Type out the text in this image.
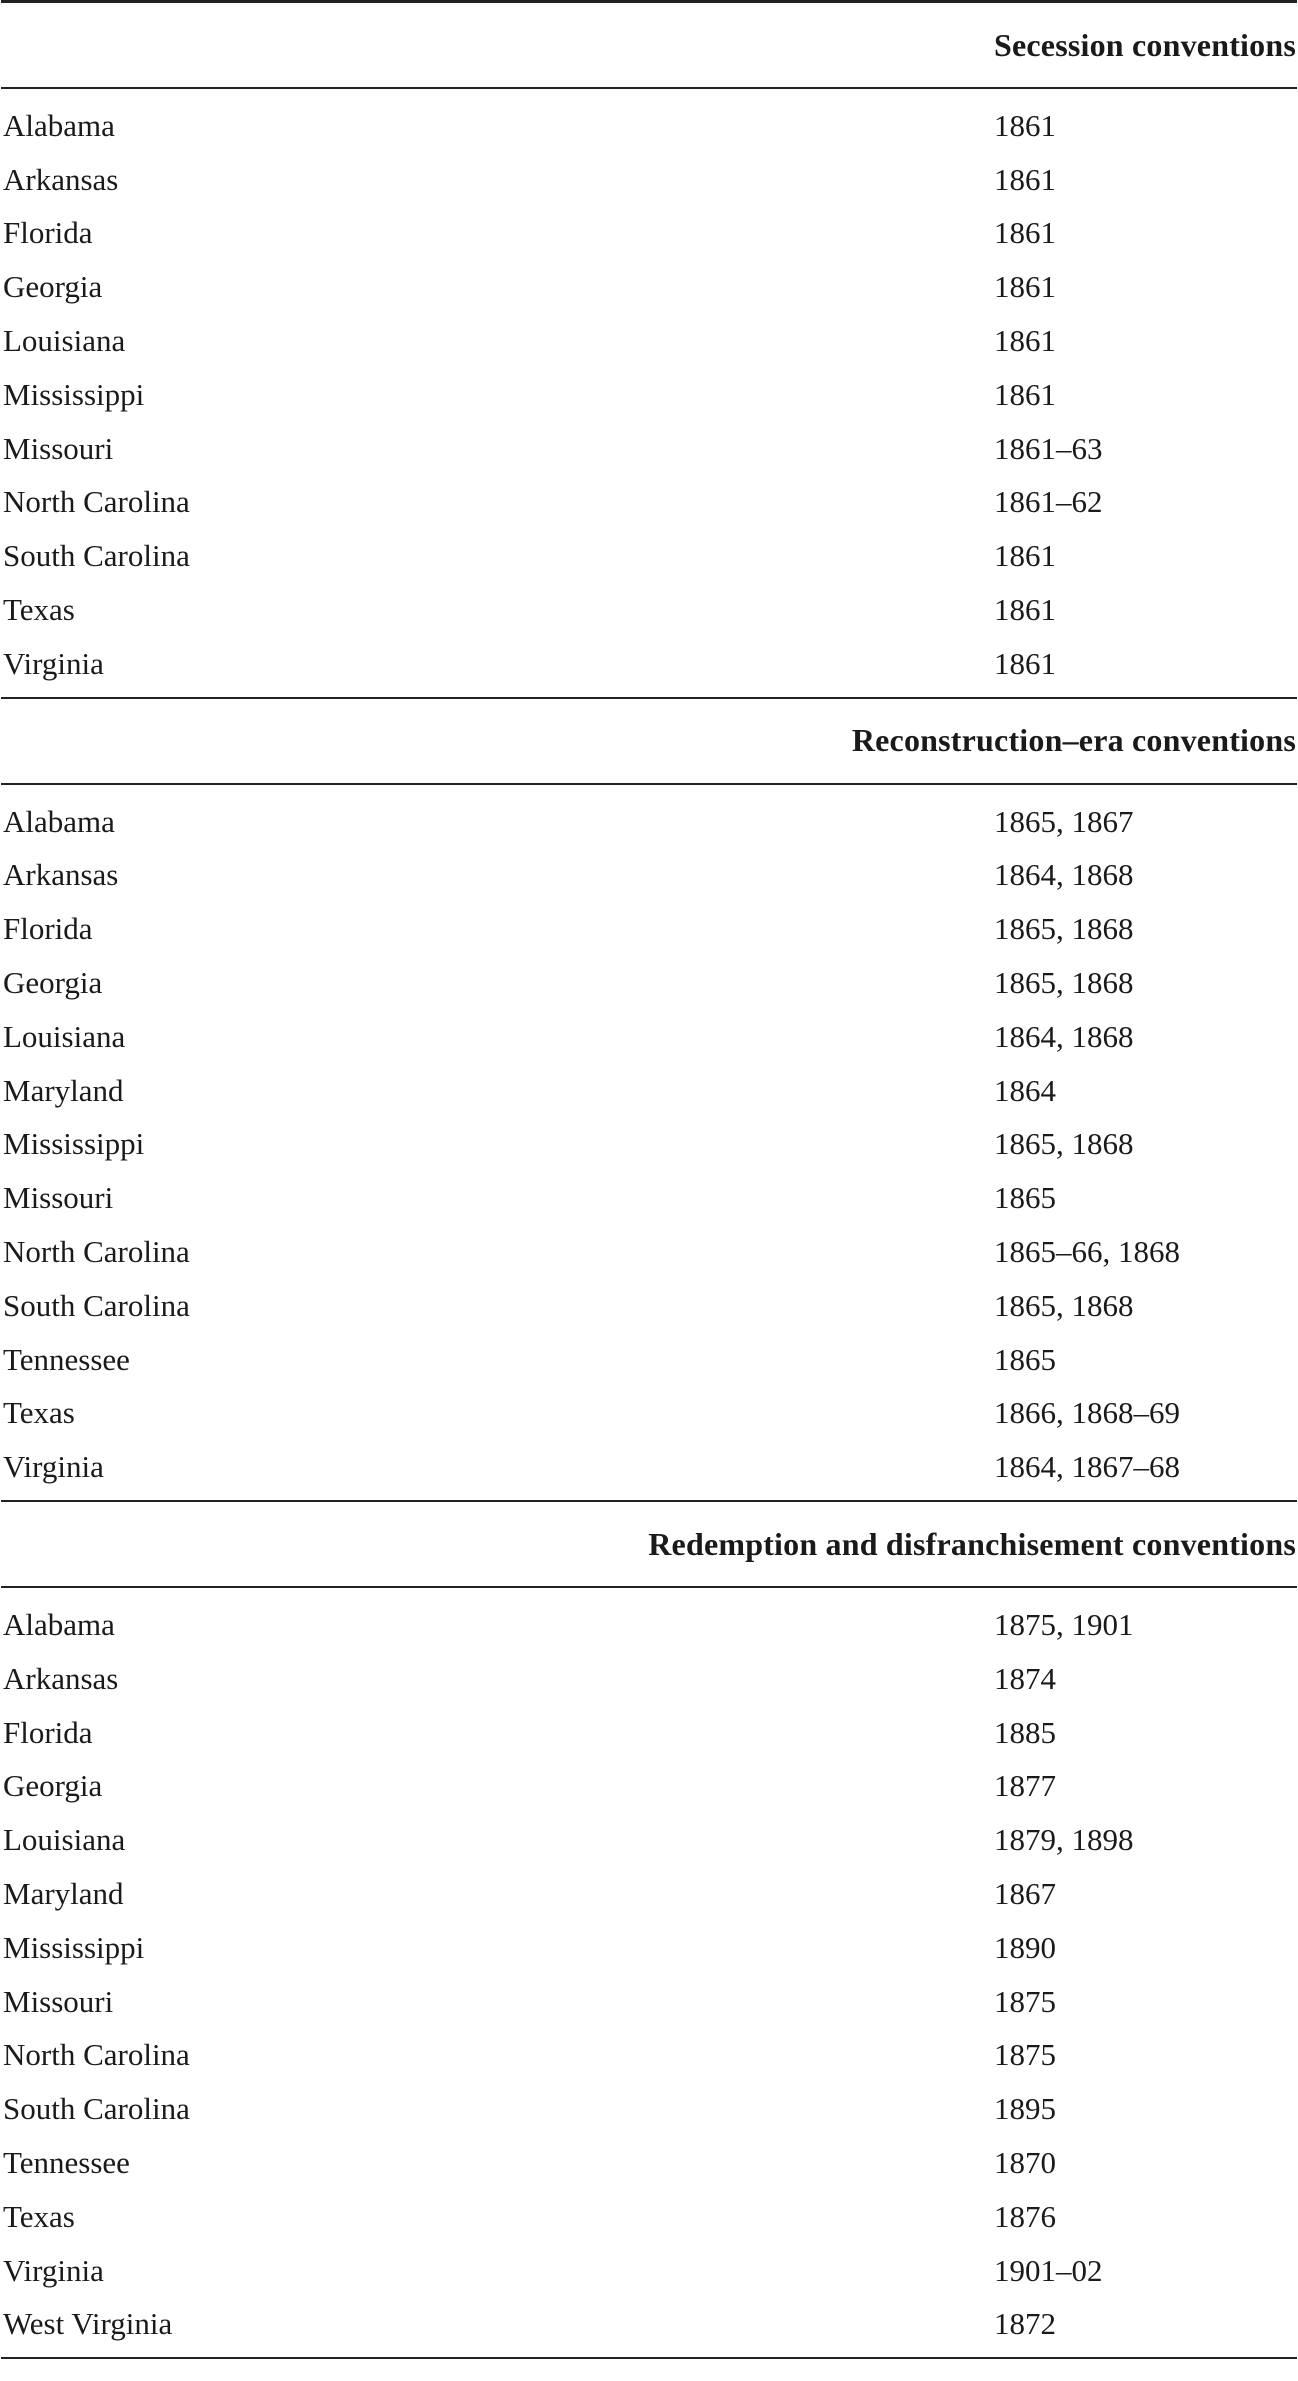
Secession conventions
Alabama	1861
Arkansas	1861
Florida	1861
Georgia	1861
Louisiana	1861
Mississippi	1861
Missouri	1861–63
North Carolina	1861–62
South Carolina	1861
Texas	1861
Virginia	1861
Reconstruction–era conventions
Alabama	1865, 1867
Arkansas	1864, 1868
Florida	1865, 1868
Georgia	1865, 1868
Louisiana	1864, 1868
Maryland	1864
Mississippi	1865, 1868
Missouri	1865
North Carolina	1865–66, 1868
South Carolina	1865, 1868
Tennessee	1865
Texas	1866, 1868–69
Virginia	1864, 1867–68
Redemption and disfranchisement conventions
Alabama	1875, 1901
Arkansas	1874
Florida	1885
Georgia	1877
Louisiana	1879, 1898
Maryland	1867
Mississippi	1890
Missouri	1875
North Carolina	1875
South Carolina	1895
Tennessee	1870
Texas	1876
Virginia	1901–02
West Virginia	1872
